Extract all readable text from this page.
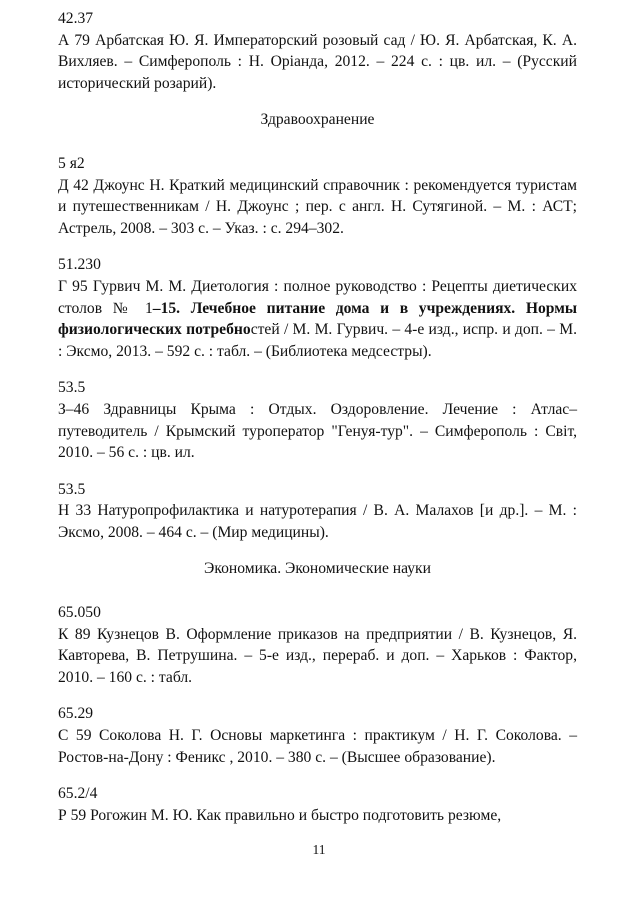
42.37
А 79 Арбатская Ю. Я. Императорский розовый сад / Ю. Я. Арбатская, К. А. Вихляев. – Симферополь : Н. Орiанда, 2012. – 224 с. : цв. ил. – (Русский исторический розарий).
Здравоохранение
5 я2
Д 42 Джоунс Н. Краткий медицинский справочник : рекомендуется туристам и путешественникам / Н. Джоунс ; пер. с англ. Н. Сутягиной. – М. : АСТ; Астрель, 2008. – 303 с. – Указ. : с. 294–302.
51.230
Г 95 Гурвич М. М. Диетология : полное руководство : Рецепты диетических столов № 1–15. Лечебное питание дома и в учреждениях. Нормы физиологических потребностей / М. М. Гурвич. – 4-е изд., испр. и доп. – М. : Эксмо, 2013. – 592 с. : табл. – (Библиотека медсестры).
53.5
З–46 Здравницы Крыма : Отдых. Оздоровление. Лечение : Атлас–путеводитель / Крымский туроператор "Генуя-тур". – Симферополь : Світ, 2010. – 56 с. : цв. ил.
53.5
Н 33 Натуропрофилактика и натуротерапия / В. А. Малахов [и др.]. – М. : Эксмо, 2008. – 464 с. – (Мир медицины).
Экономика. Экономические науки
65.050
К 89 Кузнецов В. Оформление приказов на предприятии / В. Кузнецов, Я. Кавторева, В. Петрушина. – 5-е изд., перераб. и доп. – Харьков : Фактор, 2010. – 160 с. : табл.
65.29
С 59 Соколова Н. Г. Основы маркетинга : практикум / Н. Г. Соколова. – Ростов-на-Дону : Феникс , 2010. – 380 с. – (Высшее образование).
65.2/4
Р 59 Рогожин М. Ю. Как правильно и быстро подготовить резюме,
11
